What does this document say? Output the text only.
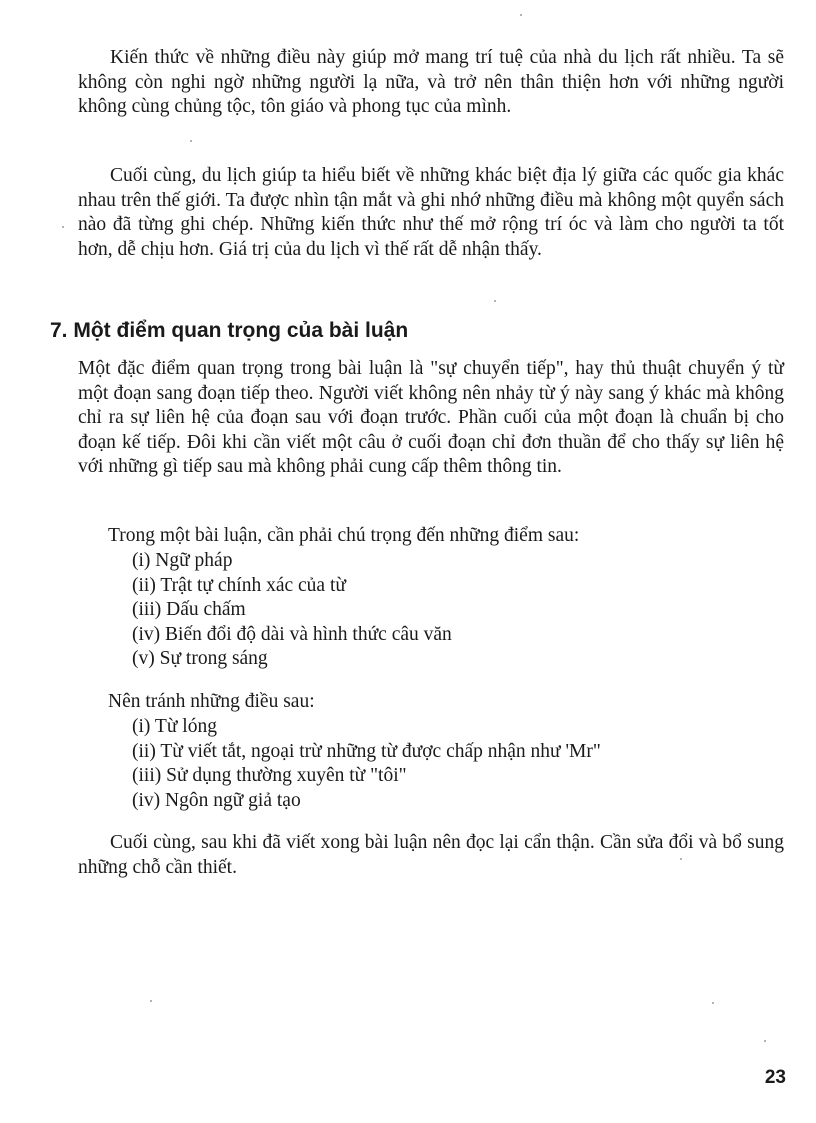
Kiến thức về những điều này giúp mở mang trí tuệ của nhà du lịch rất nhiều. Ta sẽ không còn nghi ngờ những người lạ nữa, và trở nên thân thiện hơn với những người không cùng chủng tộc, tôn giáo và phong tục của mình.

Cuối cùng, du lịch giúp ta hiểu biết về những khác biệt địa lý giữa các quốc gia khác nhau trên thế giới. Ta được nhìn tận mắt và ghi nhớ những điều mà không một quyển sách nào đã từng ghi chép. Những kiến thức như thế mở rộng trí óc và làm cho người ta tốt hơn, dễ chịu hơn. Giá trị của du lịch vì thế rất dễ nhận thấy.

7. Một điểm quan trọng của bài luận

Một đặc điểm quan trọng trong bài luận là "sự chuyển tiếp", hay thủ thuật chuyển ý từ một đoạn sang đoạn tiếp theo. Người viết không nên nhảy từ ý này sang ý khác mà không chỉ ra sự liên hệ của đoạn sau với đoạn trước. Phần cuối của một đoạn là chuẩn bị cho đoạn kế tiếp. Đôi khi cần viết một câu ở cuối đoạn chỉ đơn thuần để cho thấy sự liên hệ với những gì tiếp sau mà không phải cung cấp thêm thông tin.

Trong một bài luận, cần phải chú trọng đến những điểm sau:

(i) Ngữ pháp
(ii) Trật tự chính xác của từ
(iii) Dấu chấm
(iv) Biến đổi độ dài và hình thức câu văn
(v) Sự trong sáng

Nên tránh những điều sau:

(i) Từ lóng
(ii) Từ viết tắt, ngoại trừ những từ được chấp nhận như 'Mr"
(iii) Sử dụng thường xuyên từ "tôi"
(iv) Ngôn ngữ giả tạo

Cuối cùng, sau khi đã viết xong bài luận nên đọc lại cẩn thận. Cần sửa đổi và bổ sung những chỗ cần thiết.

23
